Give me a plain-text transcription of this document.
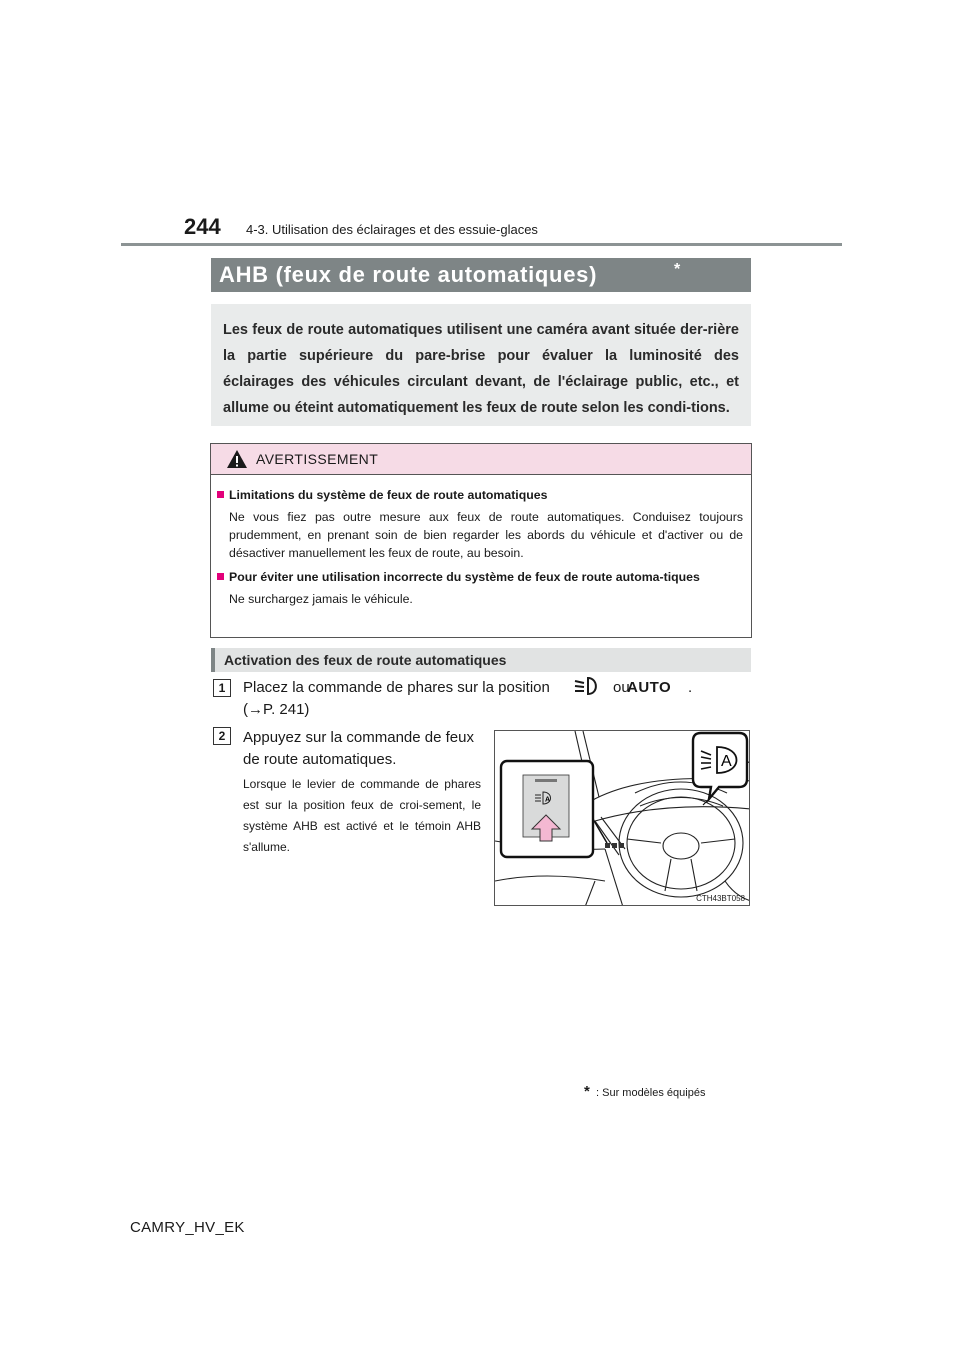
244 4-3. Utilisation des éclairages et des essuie-glaces
AHB (feux de route automatiques)	*
Les feux de route automatiques utilisent une caméra avant située der-rière la partie supérieure du pare-brise pour évaluer la luminosité des éclairages des véhicules circulant devant, de l'éclairage public, etc., et allume ou éteint automatiquement les feux de route selon les condi-tions.
AVERTISSEMENT
Limitations du système de feux de route automatiques
Ne vous fiez pas outre mesure aux feux de route automatiques. Conduisez toujours prudemment, en prenant soin de bien regarder les abords du véhicule et d'activer ou de désactiver manuellement les feux de route, au besoin.
Pour éviter une utilisation incorrecte du système de feux de route automa-tiques
Ne surchargez jamais le véhicule.
Activation des feux de route automatiques
1	Placez la commande de phares sur la position	ou
AUTO .
(→P. 241)
2	Appuyez sur la commande de feux de route automatiques.
Lorsque le levier de commande de phares est sur la position feux de croi-sement, le système AHB est activé et le témoin AHB s'allume.
A
A
CTH43BT058
* : Sur modèles équipés
CAMRY_HV_EK
